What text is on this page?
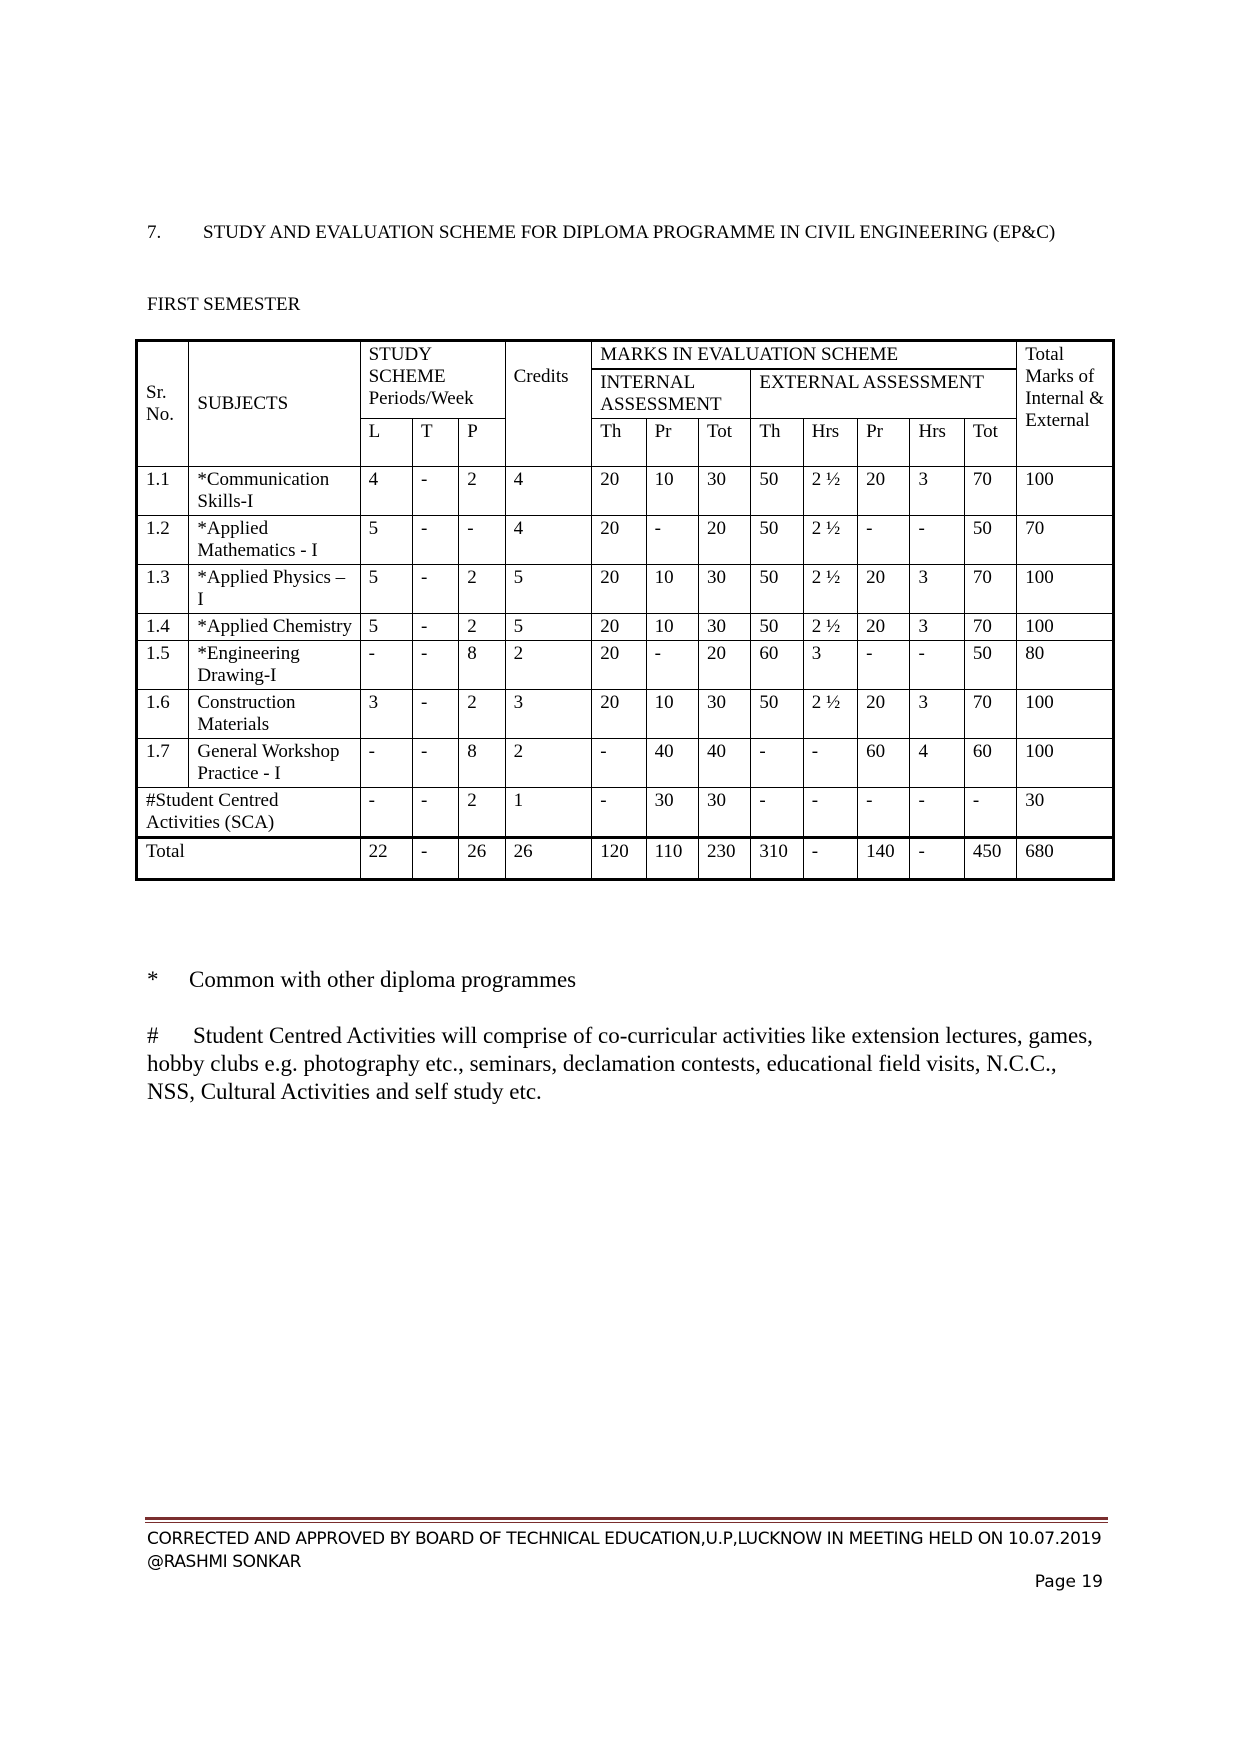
7. STUDY AND EVALUATION SCHEME FOR DIPLOMA PROGRAMME IN CIVIL ENGINEERING (EP&C)
FIRST SEMESTER
Sr. No.	SUBJECTS	STUDY SCHEME Periods/Week			Credits	MARKS IN EVALUATION SCHEME								Total Marks of Internal & External
						INTERNAL ASSESSMENT			EXTERNAL ASSESSMENT					
		L	T	P		Th	Pr	Tot	Th	Hrs	Pr	Hrs	Tot	
1.1	*Communication Skills-I	4	-	2	4	20	10	30	50	2 ½	20	3	70	100
1.2	*Applied Mathematics - I	5	-	-	4	20	-	20	50	2 ½	-	-	50	70
1.3	*Applied Physics – I	5	-	2	5	20	10	30	50	2 ½	20	3	70	100
1.4	*Applied Chemistry	5	-	2	5	20	10	30	50	2 ½	20	3	70	100
1.5	*Engineering Drawing-I	-	-	8	2	20	-	20	60	3	-	-	50	80
1.6	Construction Materials	3	-	2	3	20	10	30	50	2 ½	20	3	70	100
1.7	General Workshop Practice - I	-	-	8	2	-	40	40	-	-	60	4	60	100
#Student Centred Activities (SCA)		-	-	2	1	-	30	30	-	-	-	-	-	30
Total		22	-	26	26	120	110	230	310	-	140	-	450	680
* Common with other diploma programmes
# Student Centred Activities will comprise of co-curricular activities like extension lectures, games, hobby clubs e.g. photography etc., seminars, declamation contests, educational field visits, N.C.C., NSS, Cultural Activities and self study etc.
CORRECTED AND APPROVED BY BOARD OF TECHNICAL EDUCATION,U.P,LUCKNOW IN MEETING HELD ON 10.07.2019 @RASHMI SONKAR
Page 19
